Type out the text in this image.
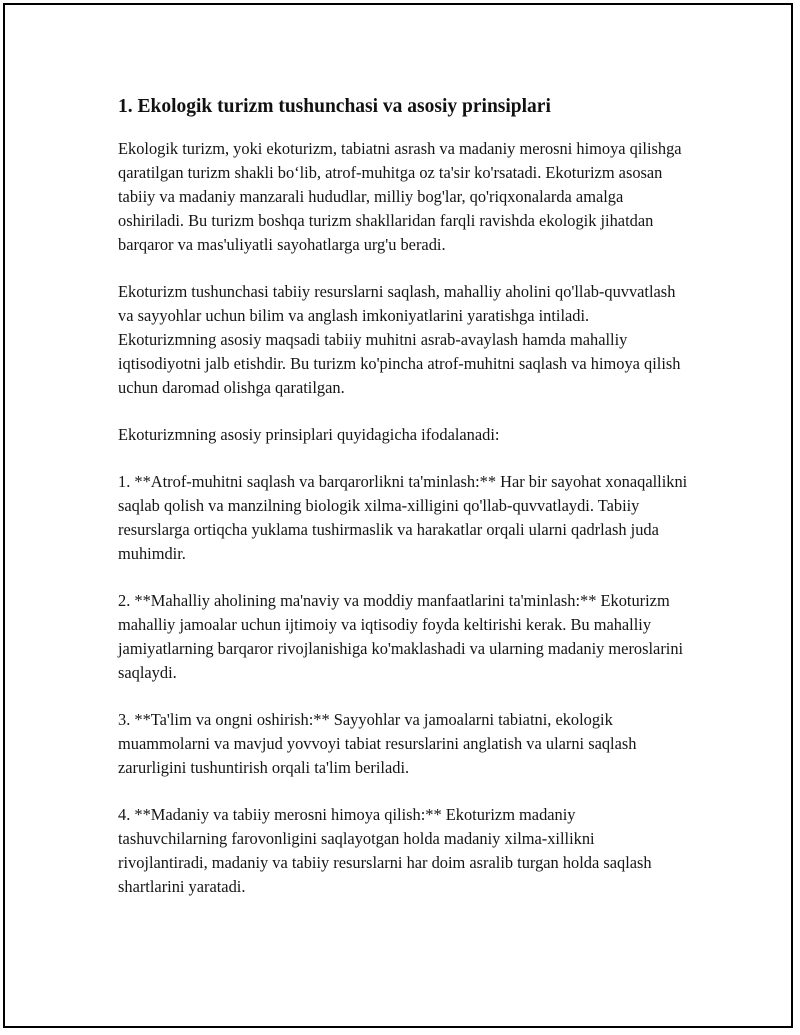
1. Ekologik turizm tushunchasi va asosiy prinsiplari

Ekologik turizm, yoki ekoturizm, tabiatni asrash va madaniy merosni himoya qilishga qaratilgan turizm shakli bo‘lib, atrof-muhitga oz ta'sir ko'rsatadi. Ekoturizm asosan tabiiy va madaniy manzarali hududlar, milliy bog'lar, qo'riqxonalarda amalga oshiriladi. Bu turizm boshqa turizm shakllaridan farqli ravishda ekologik jihatdan barqaror va mas'uliyatli sayohatlarga urg'u beradi.

Ekoturizm tushunchasi tabiiy resurslarni saqlash, mahalliy aholini qo'llab-quvvatlash va sayyohlar uchun bilim va anglash imkoniyatlarini yaratishga intiladi. Ekoturizmning asosiy maqsadi tabiiy muhitni asrab-avaylash hamda mahalliy iqtisodiyotni jalb etishdir. Bu turizm ko'pincha atrof-muhitni saqlash va himoya qilish uchun daromad olishga qaratilgan.

Ekoturizmning asosiy prinsiplari quyidagicha ifodalanadi:

1. **Atrof-muhitni saqlash va barqarorlikni ta'minlash:** Har bir sayohat xonaqallikni saqlab qolish va manzilning biologik xilma-xilligini qo'llab-quvvatlaydi. Tabiiy resurslarga ortiqcha yuklama tushirmaslik va harakatlar orqali ularni qadrlash juda muhimdir.

2. **Mahalliy aholining ma'naviy va moddiy manfaatlarini ta'minlash:** Ekoturizm mahalliy jamoalar uchun ijtimoiy va iqtisodiy foyda keltirishi kerak. Bu mahalliy jamiyatlarning barqaror rivojlanishiga ko'maklashadi va ularning madaniy meroslarini saqlaydi.

3. **Ta'lim va ongni oshirish:** Sayyohlar va jamoalarni tabiatni, ekologik muammolarni va mavjud yovvoyi tabiat resurslarini anglatish va ularni saqlash zarurligini tushuntirish orqali ta'lim beriladi.

4. **Madaniy va tabiiy merosni himoya qilish:** Ekoturizm madaniy tashuvchilarning farovonligini saqlayotgan holda madaniy xilma-xillikni rivojlantiradi, madaniy va tabiiy resurslarni har doim asralib turgan holda saqlash shartlarini yaratadi.
